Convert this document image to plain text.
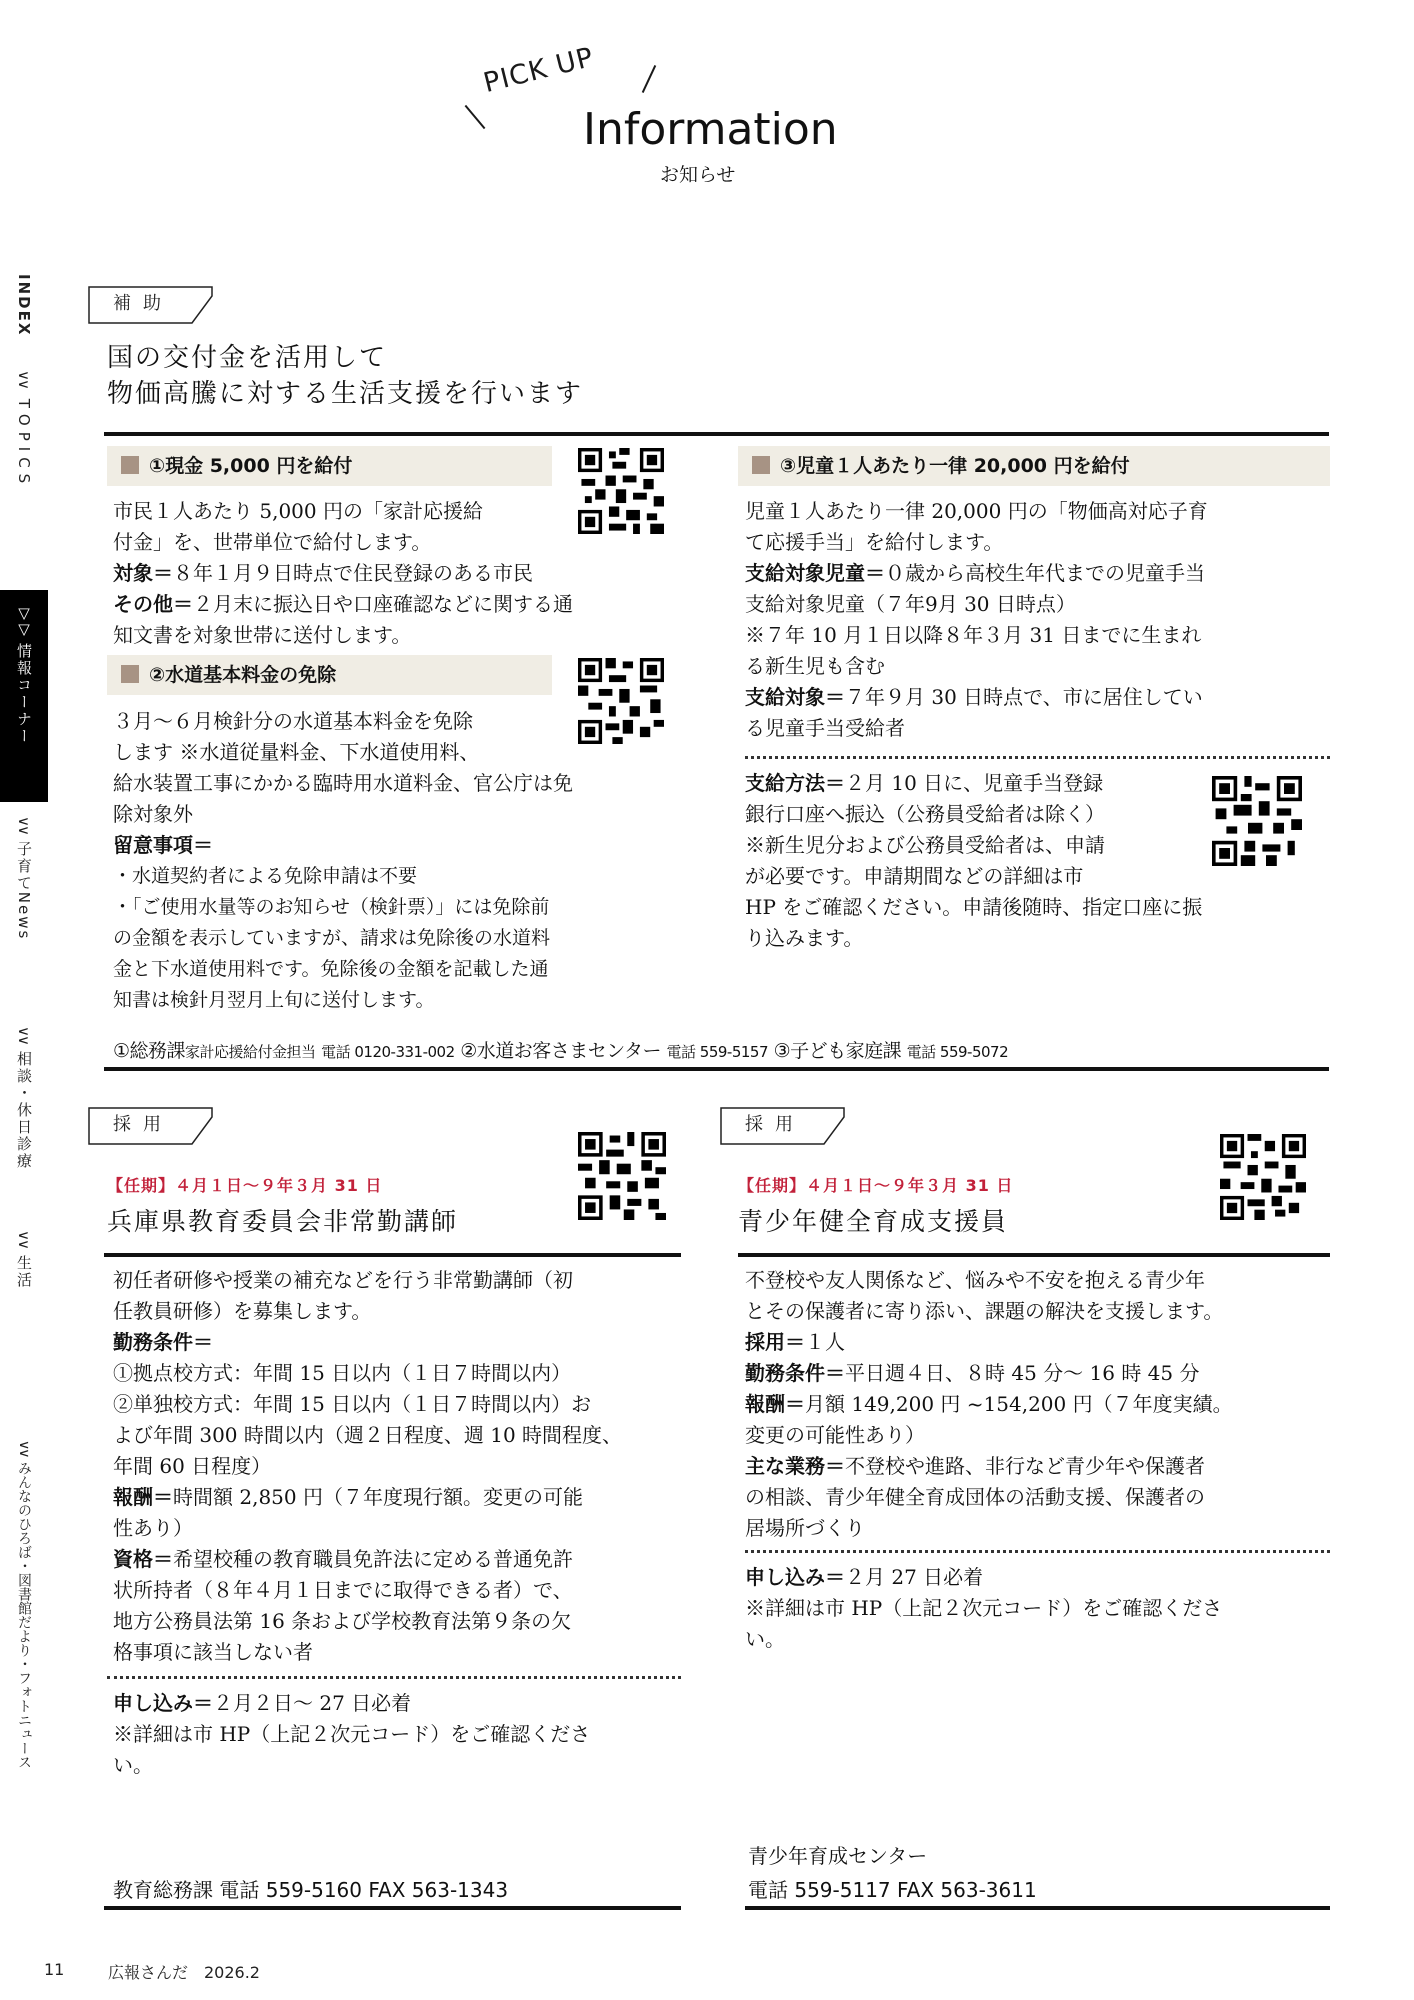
PICK UP
Information
お知らせ
INDEX
∨∨ TOPICS
▽▽ 情報コーナー
∨∨ 子育てNews
∨∨ 相談・休日診療
∨∨ 生活
∨∨ みんなのひろば・図書館だより・フォトニュース
補助
国の交付金を活用して
物価高騰に対する生活支援を行います
①現金 5,000 円を給付

市民１人あたり 5,000 円の「家計応援給

付金」を、世帯単位で給付します。

対象＝８年１月９日時点で住民登録のある市民

その他＝２月末に振込日や口座確認などに関する通

知文書を対象世帯に送付します。

②水道基本料金の免除

３月～６月検針分の水道基本料金を免除

します ※水道従量料金、下水道使用料、

給水装置工事にかかる臨時用水道料金、官公庁は免

除対象外

留意事項＝

・水道契約者による免除申請は不要

・「ご使用水量等のお知らせ（検針票）」には免除前

の金額を表示していますが、請求は免除後の水道料

金と下水道使用料です。免除後の金額を記載した通

知書は検針月翌月上旬に送付します。

③児童１人あたり一律 20,000 円を給付

児童１人あたり一律 20,000 円の「物価高対応子育

て応援手当」を給付します。

支給対象児童＝０歳から高校生年代までの児童手当

支給対象児童（７年9月 30 日時点）

※７年 10 月１日以降８年３月 31 日までに生まれ

る新生児も含む

支給対象＝７年９月 30 日時点で、市に居住してい

る児童手当受給者

支給方法＝２月 10 日に、児童手当登録

銀行口座へ振込（公務員受給者は除く）

※新生児分および公務員受給者は、申請

が必要です。申請期間などの詳細は市

HP をご確認ください。申請後随時、指定口座に振

り込みます。

①総務課家計応援給付金担当 電話 0120-331-002 ②水道お客さまセンター 電話 559-5157 ③子ども家庭課 電話 559-5072
採用
【任期】４月１日～９年３月 31 日
兵庫県教育委員会非常勤講師

初任者研修や授業の補充などを行う非常勤講師（初

任教員研修）を募集します。

勤務条件＝

①拠点校方式：年間 15 日以内（１日７時間以内）

②単独校方式：年間 15 日以内（１日７時間以内）お

よび年間 300 時間以内（週２日程度、週 10 時間程度、

年間 60 日程度）

報酬＝時間額 2,850 円（７年度現行額。変更の可能

性あり）

資格＝希望校種の教育職員免許法に定める普通免許

状所持者（８年４月１日までに取得できる者）で、

地方公務員法第 16 条および学校教育法第９条の欠

格事項に該当しない者

申し込み＝２月２日～ 27 日必着

※詳細は市 HP（上記２次元コード）をご確認くださ

い。

教育総務課 電話 559-5160 FAX 563-1343
採用
【任期】４月１日～９年３月 31 日
青少年健全育成支援員

不登校や友人関係など、悩みや不安を抱える青少年

とその保護者に寄り添い、課題の解決を支援します。

採用＝１人

勤務条件＝平日週４日、８時 45 分～ 16 時 45 分

報酬＝月額 149,200 円 ~154,200 円（７年度実績。

変更の可能性あり）

主な業務＝不登校や進路、非行など青少年や保護者

の相談、青少年健全育成団体の活動支援、保護者の

居場所づくり

申し込み＝２月 27 日必着

※詳細は市 HP（上記２次元コード）をご確認くださ

い。

青少年育成センター
電話 559-5117 FAX 563-3611
11	広報さんだ　2026.2
